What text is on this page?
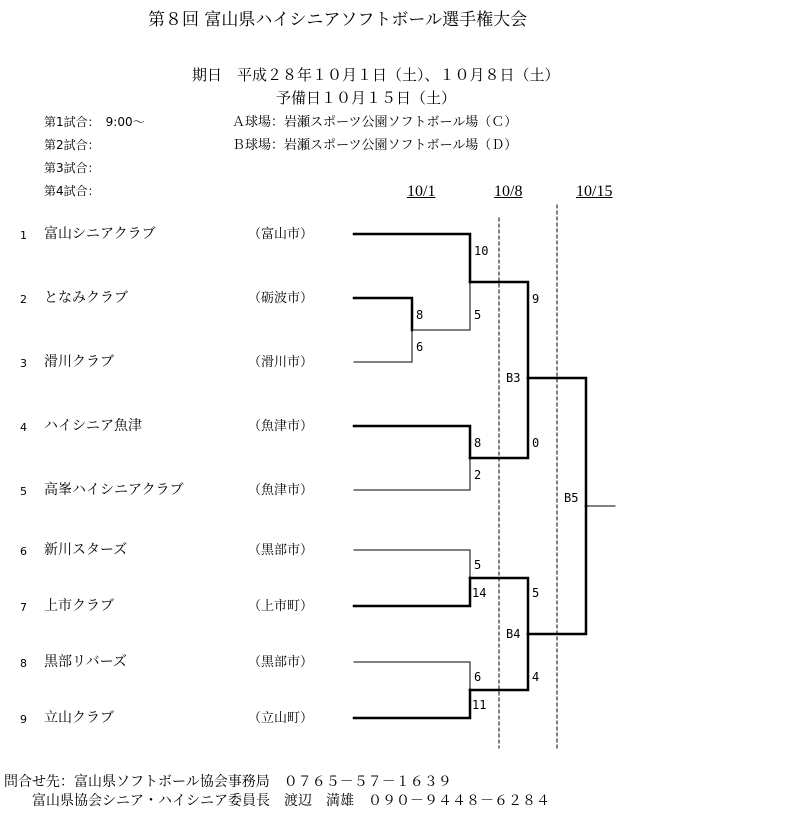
第８回 富山県ハイシニアソフトボール選手権大会
期日　平成２８年１０月１日（土）、１０月８日（土）
予備日１０月１５日（土）
第1試合：　9:00～
第2試合：
第3試合：
第4試合：
Ａ球場：岩瀬スポーツ公園ソフトボール場（Ｃ）
Ｂ球場：岩瀬スポーツ公園ソフトボール場（Ｄ）
10/1	10/8	10/15
1 富山シニアクラブ	（富山市）
2 となみクラブ	（砺波市）
3 滑川クラブ	（滑川市）
4 ハイシニア魚津	（魚津市）
5 高峯ハイシニアクラブ	（魚津市）
6 新川スターズ	（黒部市）
7 上市クラブ	（上市町）
8 黒部リバーズ	（黒部市）
9 立山クラブ	（立山町）
8
6
10
5
8
2
5
14
6
11
9
0
5
4
B3
B4
B5
問合せ先：富山県ソフトボール協会事務局　０７６５－５７－１６３９
富山県協会シニア・ハイシニア委員長　渡辺　満雄　０９０－９４４８－６２８４
